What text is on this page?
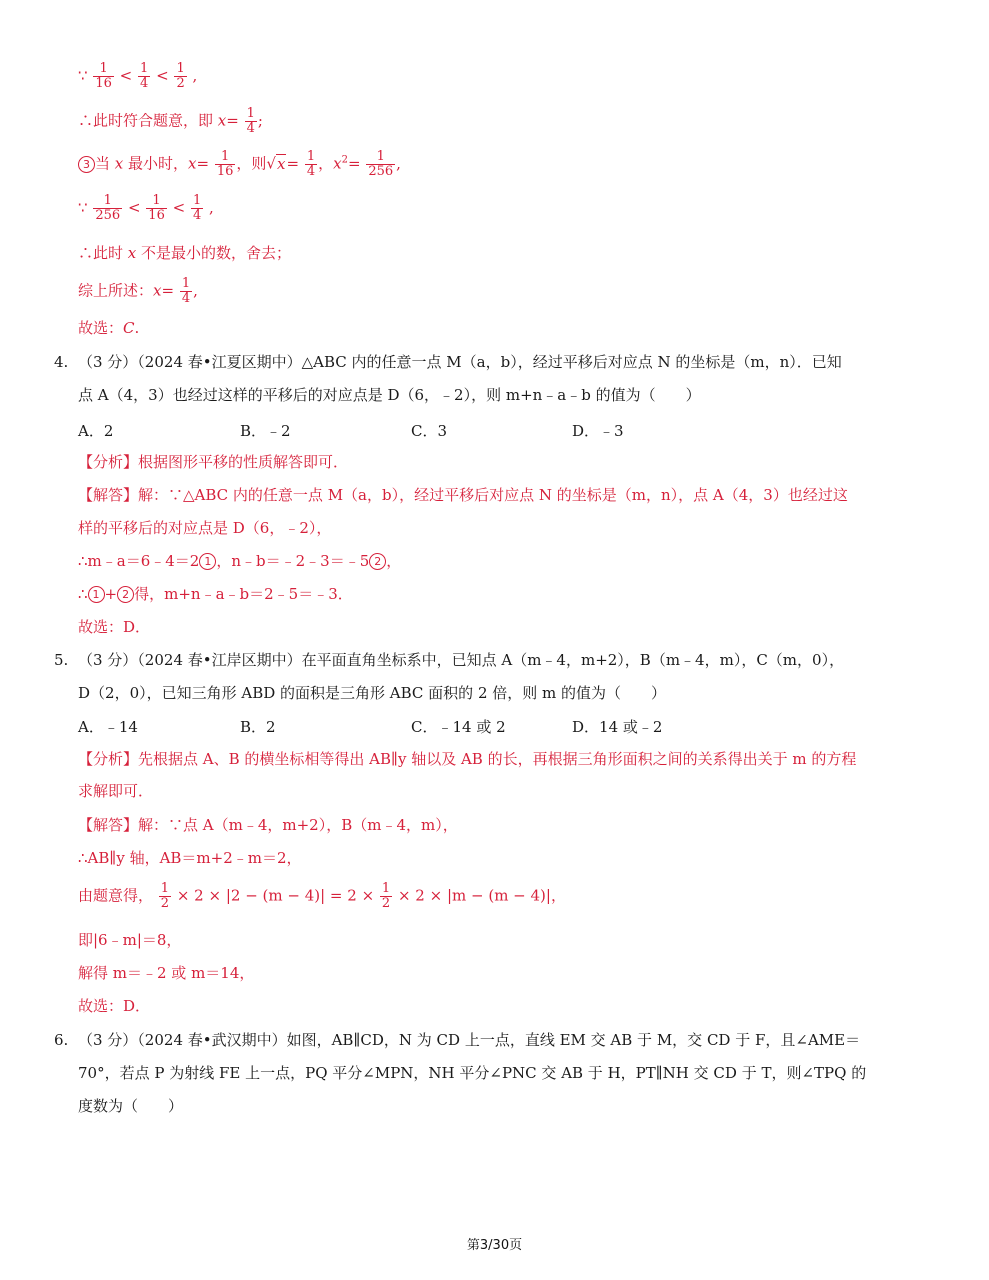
∵ $\frac{1}{16} < \frac{1}{4} < \frac{1}{2}$ ,
∴此时符合题意，即 $x= \frac{1}{4}$ ;
3 当 x 最小时，$x= \frac{1}{16}$ ，则$√x= \frac{1}{4}$ ，$x^2= \frac{1}{256}$ ,
∵ $\frac{1}{256} < \frac{1}{16} < \frac{1}{4}$ ,
∴此时 x 不是最小的数，舍去；
综上所述：$x= \frac{1}{4}$ ,
故选：C.
4. （3 分）（2024 春•江夏区期中）△ABC 内的任意一点 M（a，b），经过平移后对应点 N 的坐标是（m，n）．已知
点 A（4，3）也经过这样的平移后的对应点是 D（6，﹣2），则 m+n﹣a﹣b 的值为（　　）
A．2	B．﹣2	C．3	D．﹣3
【分析】根据图形平移的性质解答即可．
【解答】解：∵△ABC 内的任意一点 M（a，b），经过平移后对应点 N 的坐标是（m，n），点 A（4，3）也经过这
样的平移后的对应点是 D（6，﹣2），
∴m﹣a＝6﹣4＝2 1 ，n﹣b＝﹣2﹣3＝﹣5 2 ，
∴ 1 + 2 得，m+n﹣a﹣b＝2﹣5＝﹣3．
故选：D．
5. （3 分）（2024 春•江岸区期中）在平面直角坐标系中，已知点 A（m﹣4，m+2），B（m﹣4，m），C（m，0），
D（2，0），已知三角形 ABD 的面积是三角形 ABC 面积的 2 倍，则 m 的值为（　　）
A．﹣14	B．2	C．﹣14 或 2	D．14 或﹣2
【分析】先根据点 A、B 的横坐标相等得出 AB∥y 轴以及 AB 的长，再根据三角形面积之间的关系得出关于 m 的方程
求解即可．
【解答】解：∵点 A（m﹣4，m+2），B（m﹣4，m），
∴AB∥y 轴，AB＝m+2﹣m＝2，
由题意得， $\frac{1}{2} \times 2 \times |2 - (m - 4)| = 2 \times \frac{1}{2} \times 2 \times |m - (m - 4)|$，
即|6﹣m|＝8，
解得 m＝﹣2 或 m＝14，
故选：D．
6. （3 分）（2024 春•武汉期中）如图，AB∥CD，N 为 CD 上一点，直线 EM 交 AB 于 M，交 CD 于 F，且∠AME＝
70°，若点 P 为射线 FE 上一点，PQ 平分∠MPN，NH 平分∠PNC 交 AB 于 H，PT∥NH 交 CD 于 T，则∠TPQ 的
度数为（　　）
第3/30页
